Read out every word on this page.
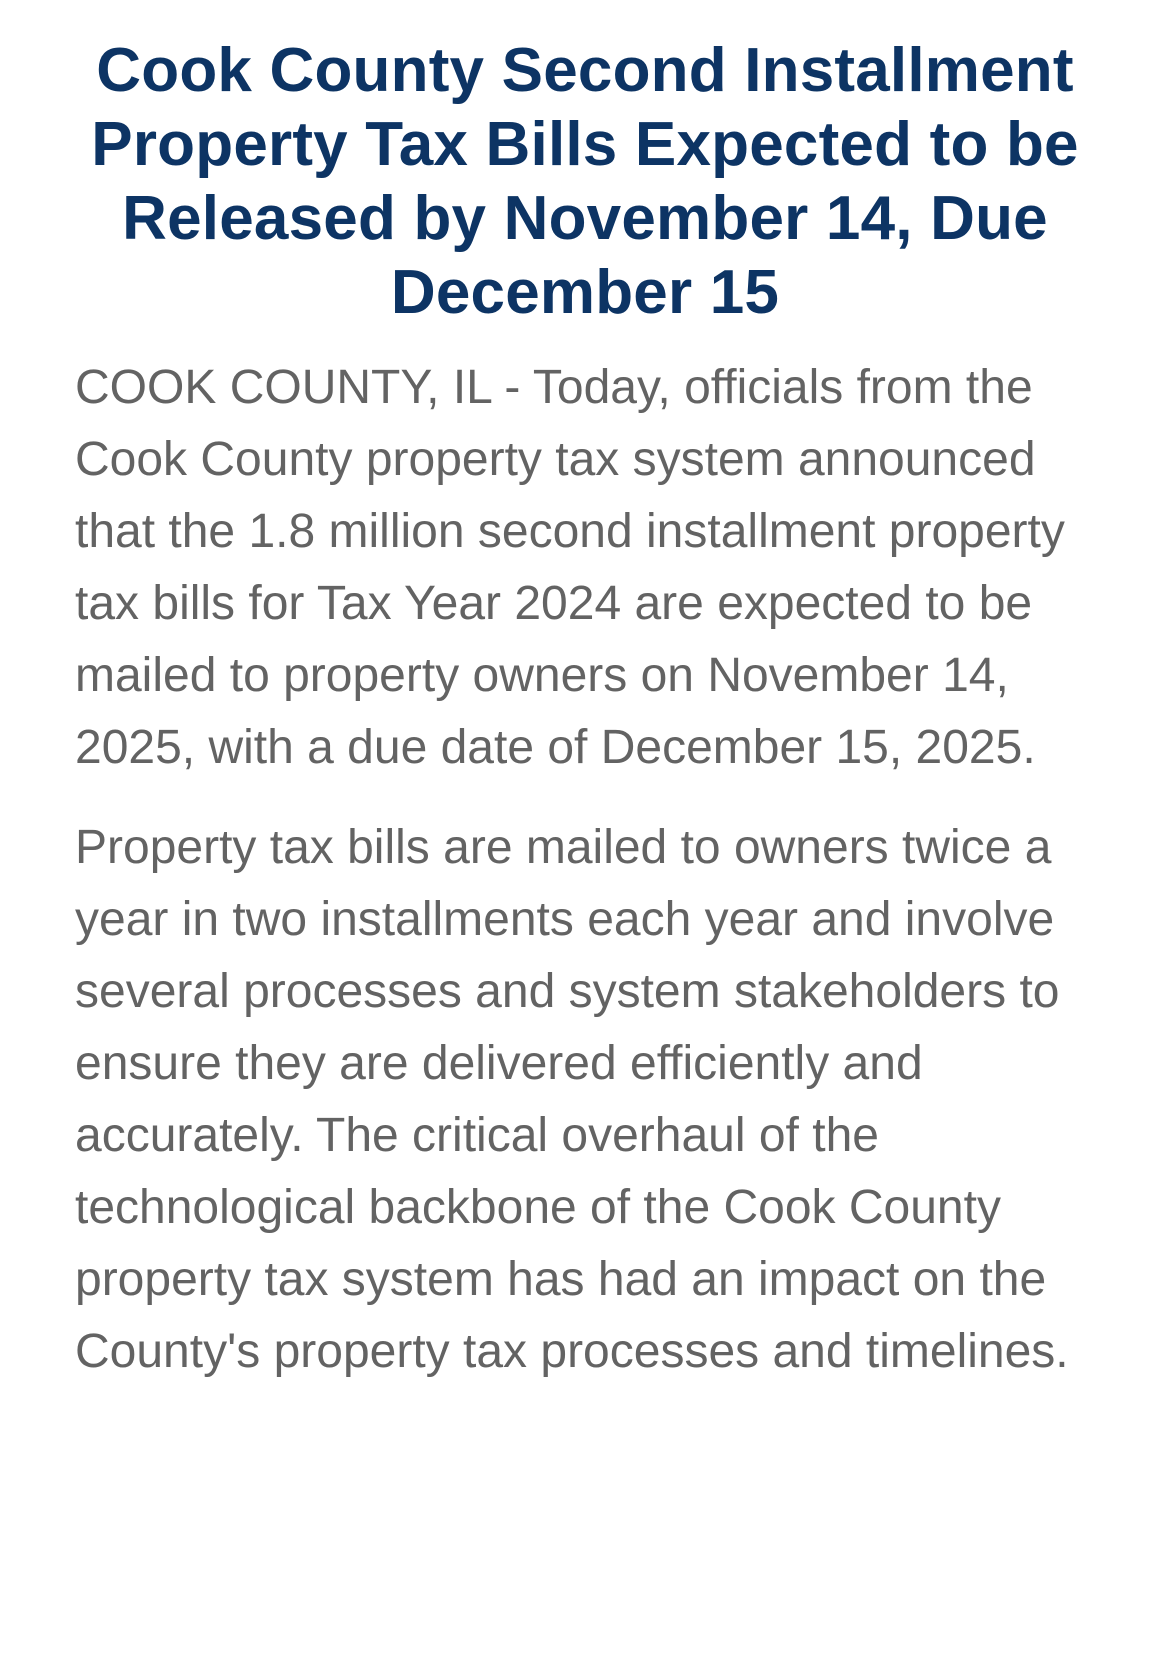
Cook County Second Installment Property Tax Bills Expected to be Released by November 14, Due December 15

COOK COUNTY, IL - Today, officials from the Cook County property tax system announced that the 1.8 million second installment property tax bills for Tax Year 2024 are expected to be mailed to property owners on November 14, 2025, with a due date of December 15, 2025.

Property tax bills are mailed to owners twice a year in two installments each year and involve several processes and system stakeholders to ensure they are delivered efficiently and accurately. The critical overhaul of the technological backbone of the Cook County property tax system has had an impact on the County's property tax processes and timelines.
